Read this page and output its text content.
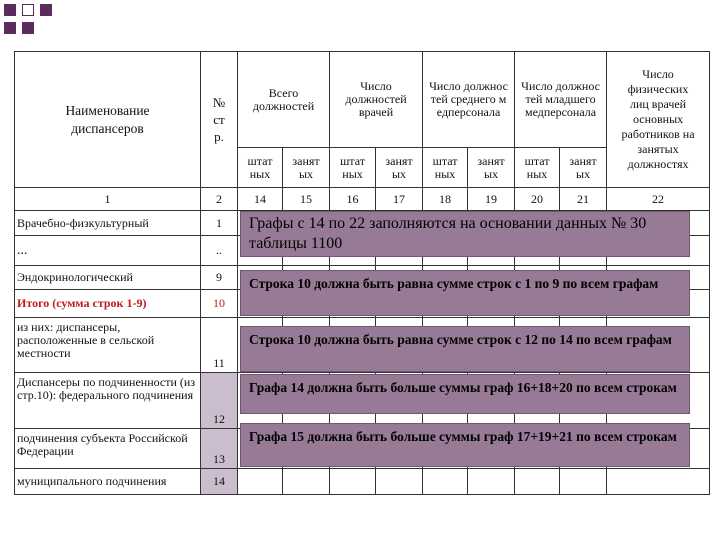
Наименование диспансеров	№ стр.	Всего должностей		Число должностей врачей		Число должностей среднего медперсонала		Число должностей младшего медперсонала		Число физических лиц врачей основных работников на занятых должностях
		штатных	занятых	штатных	занятых	штатных	занятых	штатных	занятых	
1	2	14	15	16	17	18	19	20	21	22
Врачебно-физкультурный	1									
...	..									
Эндокринологический	9									
Итого (сумма строк 1-9)	10									
из них: диспансеры, расположенные в сельской местности	11									
Диспансеры по подчиненности (из стр.10): федерального подчинения	12									
подчинения субъекта Российской Федерации	13									
муниципального подчинения	14									
Графы с 14 по 22 заполняются на основании данных № 30 таблицы 1100
Строка 10 должна быть равна сумме строк с 1 по 9 по всем графам
Строка 10 должна быть равна сумме строк с 12 по 14 по всем графам
Графа 14 должна быть больше суммы граф 16+18+20 по всем строкам
Графа 15 должна быть больше суммы граф 17+19+21 по всем строкам
